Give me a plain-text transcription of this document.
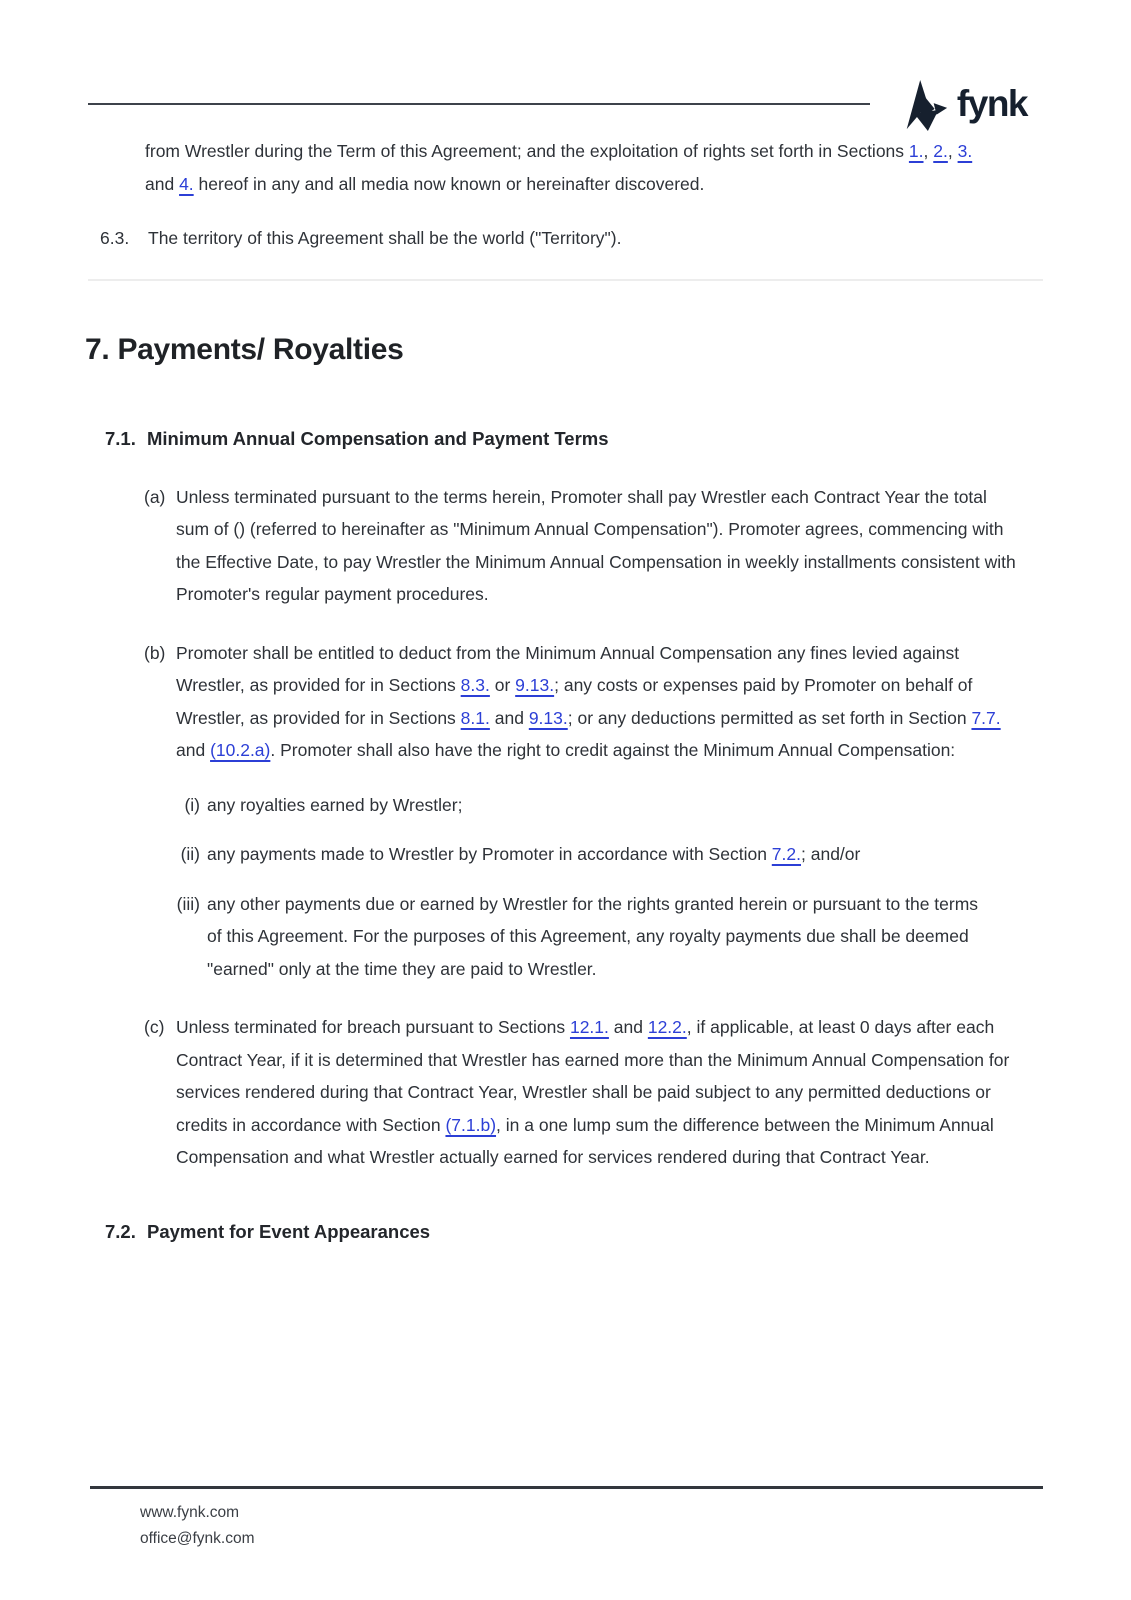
fynk

from Wrestler during the Term of this Agreement; and the exploitation of rights set forth in Sections 1., 2., 3. and 4. hereof in any and all media now known or hereinafter discovered.

6.3.	The territory of this Agreement shall be the world ("Territory").
7. Payments/ Royalties
7.1. Minimum Annual Compensation and Payment Terms
(a) Unless terminated pursuant to the terms herein, Promoter shall pay Wrestler each Contract Year the total sum of () (referred to hereinafter as "Minimum Annual Compensation"). Promoter agrees, commencing with the Effective Date, to pay Wrestler the Minimum Annual Compensation in weekly installments consistent with Promoter's regular payment procedures.
(b) Promoter shall be entitled to deduct from the Minimum Annual Compensation any fines levied against Wrestler, as provided for in Sections 8.3. or 9.13.; any costs or expenses paid by Promoter on behalf of Wrestler, as provided for in Sections 8.1. and 9.13.; or any deductions permitted as set forth in Section 7.7. and (10.2.a). Promoter shall also have the right to credit against the Minimum Annual Compensation:
(i) any royalties earned by Wrestler;
(ii) any payments made to Wrestler by Promoter in accordance with Section 7.2.; and/or
(iii) any other payments due or earned by Wrestler for the rights granted herein or pursuant to the terms of this Agreement. For the purposes of this Agreement, any royalty payments due shall be deemed "earned" only at the time they are paid to Wrestler.
(c) Unless terminated for breach pursuant to Sections 12.1. and 12.2., if applicable, at least 0 days after each Contract Year, if it is determined that Wrestler has earned more than the Minimum Annual Compensation for services rendered during that Contract Year, Wrestler shall be paid subject to any permitted deductions or credits in accordance with Section (7.1.b), in a one lump sum the difference between the Minimum Annual Compensation and what Wrestler actually earned for services rendered during that Contract Year.
7.2. Payment for Event Appearances
www.fynk.com
office@fynk.com
